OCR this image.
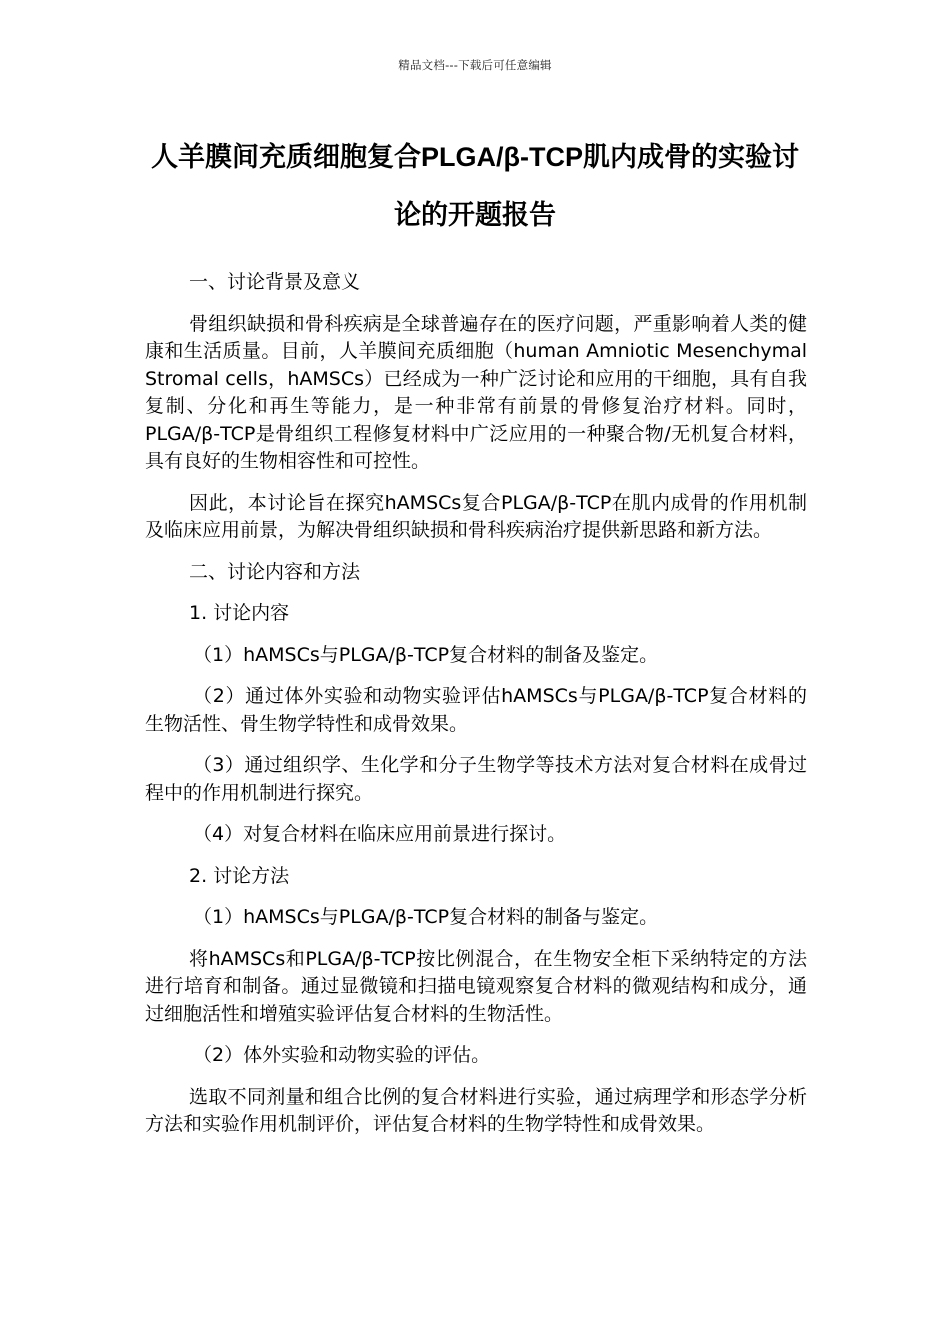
精品文档---下载后可任意编辑
人羊膜间充质细胞复合PLGA/β-TCP肌内成骨的实验讨论的开题报告

一、讨论背景及意义

骨组织缺损和骨科疾病是全球普遍存在的医疗问题，严重影响着人类的健康和生活质量。目前，人羊膜间充质细胞（human Amniotic Mesenchymal Stromal cells，hAMSCs）已经成为一种广泛讨论和应用的干细胞，具有自我复制、分化和再生等能力，是一种非常有前景的骨修复治疗材料。同时，PLGA/β-TCP是骨组织工程修复材料中广泛应用的一种聚合物/无机复合材料，具有良好的生物相容性和可控性。

因此，本讨论旨在探究hAMSCs复合PLGA/β-TCP在肌内成骨的作用机制及临床应用前景，为解决骨组织缺损和骨科疾病治疗提供新思路和新方法。

二、讨论内容和方法

1. 讨论内容

（1）hAMSCs与PLGA/β-TCP复合材料的制备及鉴定。

（2）通过体外实验和动物实验评估hAMSCs与PLGA/β-TCP复合材料的生物活性、骨生物学特性和成骨效果。

（3）通过组织学、生化学和分子生物学等技术方法对复合材料在成骨过程中的作用机制进行探究。

（4）对复合材料在临床应用前景进行探讨。

2. 讨论方法

（1）hAMSCs与PLGA/β-TCP复合材料的制备与鉴定。

将hAMSCs和PLGA/β-TCP按比例混合，在生物安全柜下采纳特定的方法进行培育和制备。通过显微镜和扫描电镜观察复合材料的微观结构和成分，通过细胞活性和增殖实验评估复合材料的生物活性。

（2）体外实验和动物实验的评估。

选取不同剂量和组合比例的复合材料进行实验，通过病理学和形态学分析方法和实验作用机制评价，评估复合材料的生物学特性和成骨效果。
